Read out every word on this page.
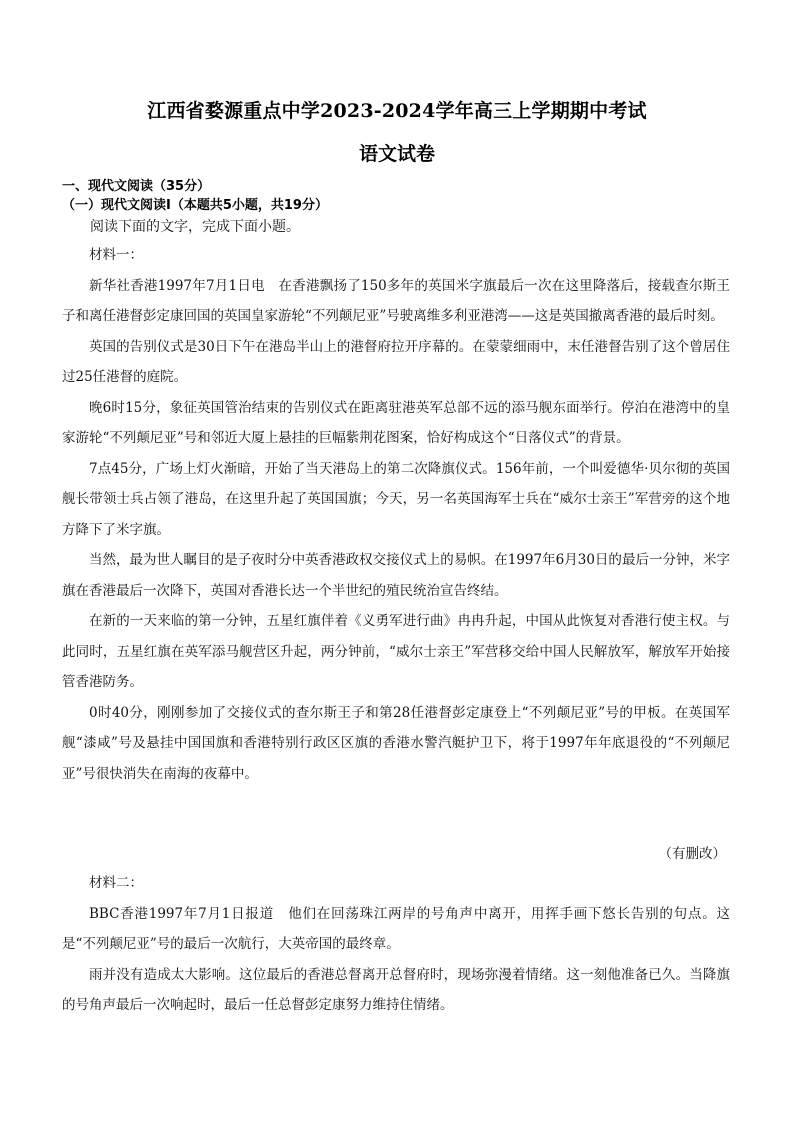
江西省婺源重点中学2023-2024学年高三上学期期中考试
语文试卷
一、现代文阅读（35分）
（一）现代文阅读Ⅰ（本题共5小题，共19分）
阅读下面的文字，完成下面小题。

材料一：

新华社香港1997年7月1日电　在香港飘扬了150多年的英国米字旗最后一次在这里降落后，接载查尔斯王子和离任港督彭定康回国的英国皇家游轮“不列颠尼亚”号驶离维多利亚港湾——这是英国撤离香港的最后时刻。

英国的告别仪式是30日下午在港岛半山上的港督府拉开序幕的。在蒙蒙细雨中，末任港督告别了这个曾居住过25任港督的庭院。

晚6时15分，象征英国管治结束的告别仪式在距离驻港英军总部不远的添马舰东面举行。停泊在港湾中的皇家游轮“不列颠尼亚”号和邻近大厦上悬挂的巨幅紫荆花图案，恰好构成这个“日落仪式”的背景。

7点45分，广场上灯火渐暗，开始了当天港岛上的第二次降旗仪式。156年前，一个叫爱德华·贝尔彻的英国舰长带领士兵占领了港岛，在这里升起了英国国旗；今天，另一名英国海军士兵在“威尔士亲王”军营旁的这个地方降下了米字旗。

当然，最为世人瞩目的是子夜时分中英香港政权交接仪式上的易帜。在1997年6月30日的最后一分钟，米字旗在香港最后一次降下，英国对香港长达一个半世纪的殖民统治宣告终结。

在新的一天来临的第一分钟，五星红旗伴着《义勇军进行曲》冉冉升起，中国从此恢复对香港行使主权。与此同时，五星红旗在英军添马舰营区升起，两分钟前，“威尔士亲王”军营移交给中国人民解放军，解放军开始接管香港防务。

0时40分，刚刚参加了交接仪式的查尔斯王子和第28任港督彭定康登上“不列颠尼亚”号的甲板。在英国军舰“漆咸”号及悬挂中国国旗和香港特别行政区区旗的香港水警汽艇护卫下，将于1997年年底退役的“不列颠尼亚”号很快消失在南海的夜幕中。

（有删改）

材料二：

BBC香港1997年7月1日报道　他们在回荡珠江两岸的号角声中离开，用挥手画下悠长告别的句点。这是“不列颠尼亚”号的最后一次航行，大英帝国的最终章。

雨并没有造成太大影响。这位最后的香港总督离开总督府时，现场弥漫着情绪。这一刻他准备已久。当降旗的号角声最后一次响起时，最后一任总督彭定康努力维持住情绪。
